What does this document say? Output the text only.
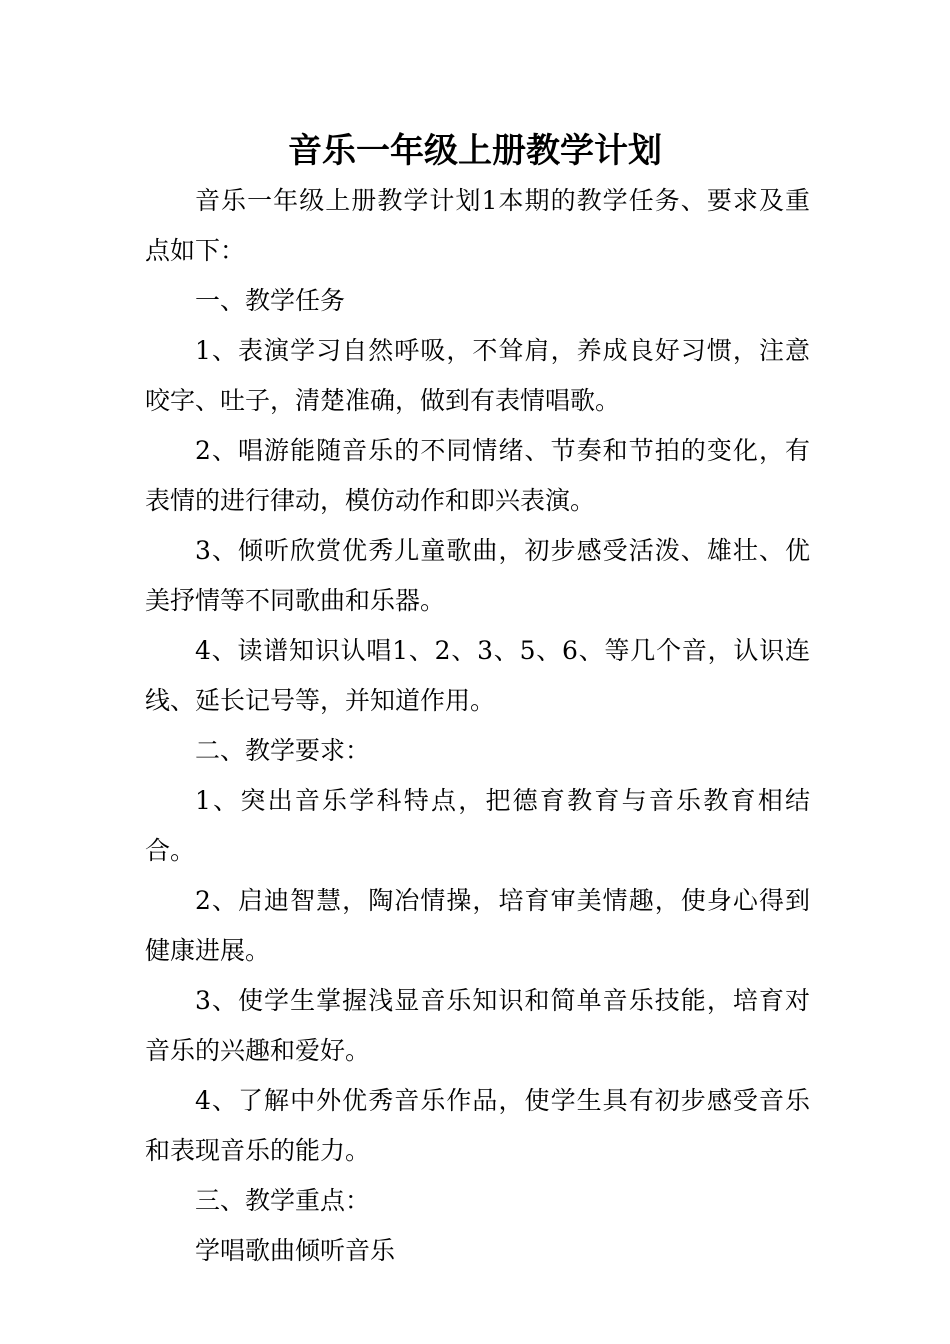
音乐一年级上册教学计划

音乐一年级上册教学计划1本期的教学任务、要求及重点如下：

一、教学任务

1、表演学习自然呼吸，不耸肩，养成良好习惯，注意咬字、吐子，清楚准确，做到有表情唱歌。

2、唱游能随音乐的不同情绪、节奏和节拍的变化，有表情的进行律动，模仿动作和即兴表演。

3、倾听欣赏优秀儿童歌曲，初步感受活泼、雄壮、优美抒情等不同歌曲和乐器。

4、读谱知识认唱1、2、3、5、6、等几个音，认识连线、延长记号等，并知道作用。

二、教学要求：

1、突出音乐学科特点，把德育教育与音乐教育相结合。

2、启迪智慧，陶冶情操，培育审美情趣，使身心得到健康进展。

3、使学生掌握浅显音乐知识和简单音乐技能，培育对音乐的兴趣和爱好。

4、了解中外优秀音乐作品，使学生具有初步感受音乐和表现音乐的能力。

三、教学重点：

学唱歌曲倾听音乐
